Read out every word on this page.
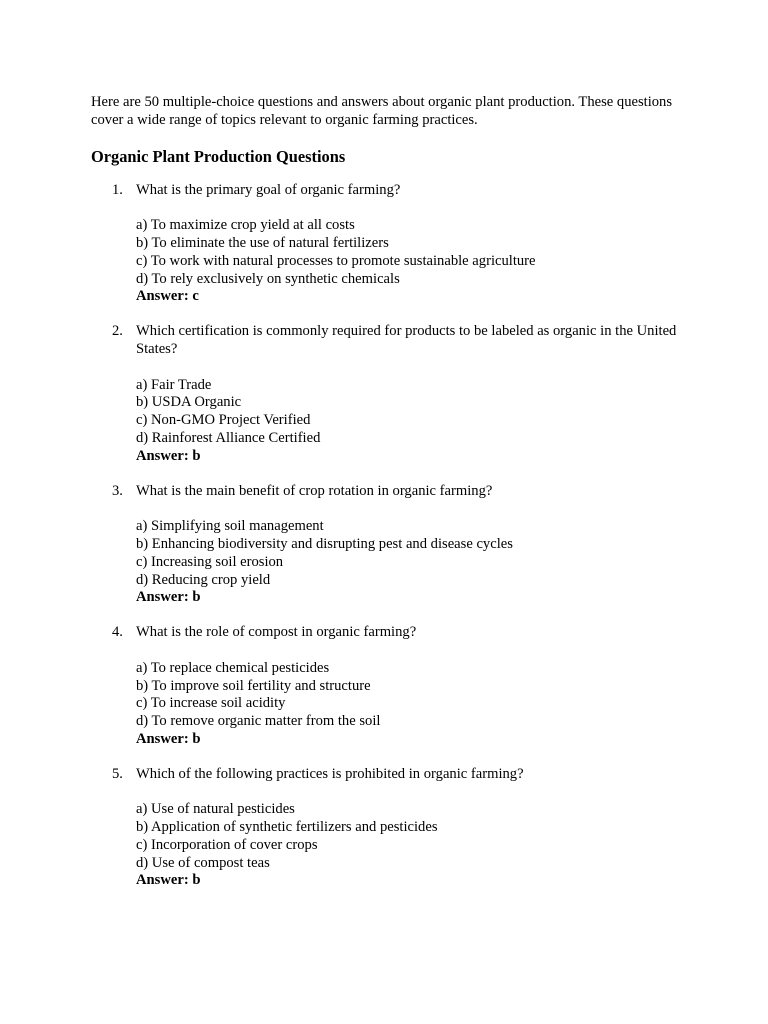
Here are 50 multiple-choice questions and answers about organic plant production. These questions cover a wide range of topics relevant to organic farming practices.

Organic Plant Production Questions
1. What is the primary goal of organic farming?
a) To maximize crop yield at all costs
b) To eliminate the use of natural fertilizers
c) To work with natural processes to promote sustainable agriculture
d) To rely exclusively on synthetic chemicals
Answer: c
2. Which certification is commonly required for products to be labeled as organic in the United States?
a) Fair Trade
b) USDA Organic
c) Non-GMO Project Verified
d) Rainforest Alliance Certified
Answer: b
3. What is the main benefit of crop rotation in organic farming?
a) Simplifying soil management
b) Enhancing biodiversity and disrupting pest and disease cycles
c) Increasing soil erosion
d) Reducing crop yield
Answer: b
4. What is the role of compost in organic farming?
a) To replace chemical pesticides
b) To improve soil fertility and structure
c) To increase soil acidity
d) To remove organic matter from the soil
Answer: b
5. Which of the following practices is prohibited in organic farming?
a) Use of natural pesticides
b) Application of synthetic fertilizers and pesticides
c) Incorporation of cover crops
d) Use of compost teas
Answer: b
